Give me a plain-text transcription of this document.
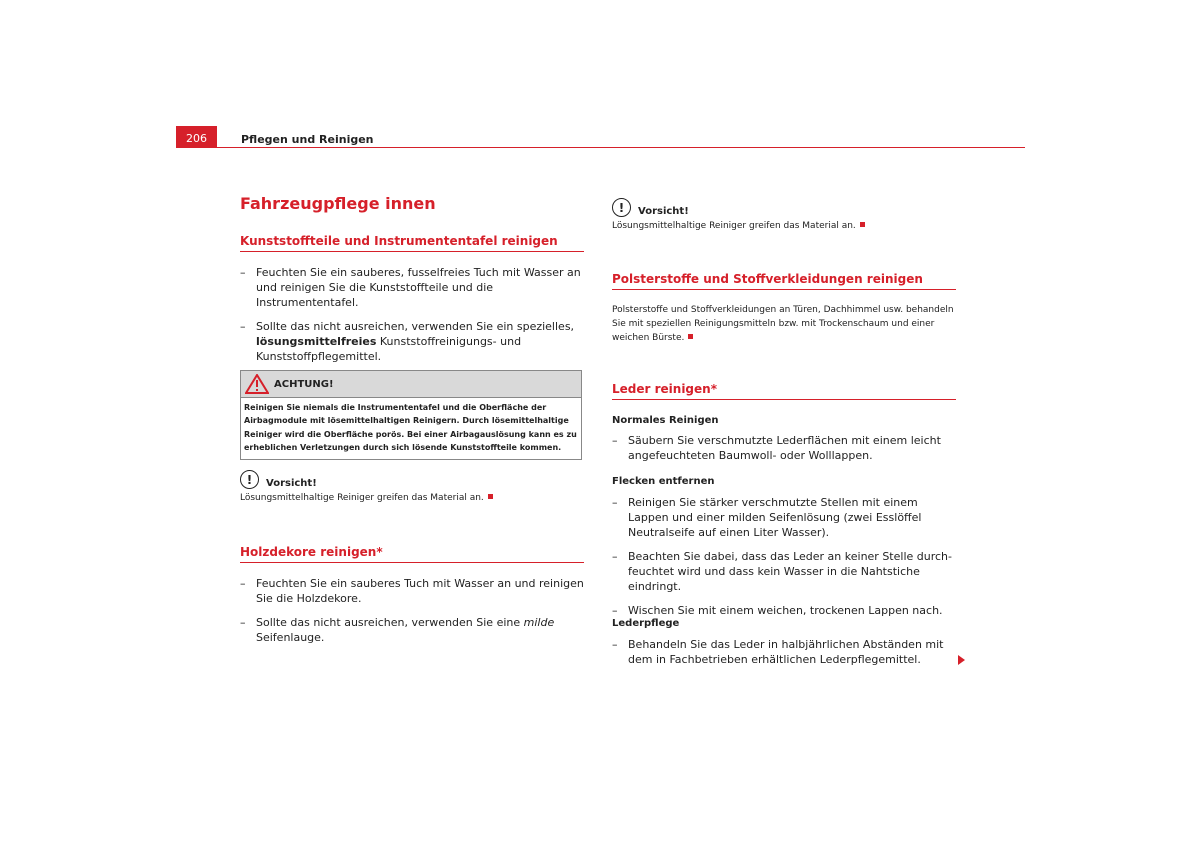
206	Pflegen und Reinigen
Fahrzeugpflege innen
Kunststoffteile und Instrumententafel reinigen
– Feuchten Sie ein sauberes, fusselfreies Tuch mit Wasser an und reinigen Sie die Kunststoffteile und die Instrumententafel.
– Sollte das nicht ausreichen, verwenden Sie ein spezielles, lösungsmittelfreies Kunststoffreinigungs- und Kunststoffpflegemittel.
ACHTUNG!
Reinigen Sie niemals die Instrumententafel und die Oberfläche der Airbagmodule mit lösemittelhaltigen Reinigern. Durch lösemittelhaltige Reiniger wird die Oberfläche porös. Bei einer Airbagauslösung kann es zu erheblichen Verletzungen durch sich lösende Kunststoffteile kommen.
!	Vorsicht!
Lösungsmittelhaltige Reiniger greifen das Material an.
Holzdekore reinigen*
– Feuchten Sie ein sauberes Tuch mit Wasser an und reinigen Sie die Holzdekore.
– Sollte das nicht ausreichen, verwenden Sie eine milde Seifenlauge.
!	Vorsicht!
Lösungsmittelhaltige Reiniger greifen das Material an.
Polsterstoffe und Stoffverkleidungen reinigen
Polsterstoffe und Stoffverkleidungen an Türen, Dachhimmel usw. behandeln Sie mit speziellen Reinigungsmitteln bzw. mit Trockenschaum und einer weichen Bürste.
Leder reinigen*

Normales Reinigen

– Säubern Sie verschmutzte Lederflächen mit einem leicht angefeuchteten Baumwoll- oder Wolllappen.

Flecken entfernen

– Reinigen Sie stärker verschmutzte Stellen mit einem Lappen und einer milden Seifenlösung (zwei Esslöffel Neutralseife auf einen Liter Wasser).
– Beachten Sie dabei, dass das Leder an keiner Stelle durchfeuchtet wird und dass kein Wasser in die Nahtstiche eindringt.
– Wischen Sie mit einem weichen, trockenen Lappen nach.

Lederpflege

– Behandeln Sie das Leder in halbjährlichen Abständen mit dem in Fachbetrieben erhältlichen Lederpflegemittel.
